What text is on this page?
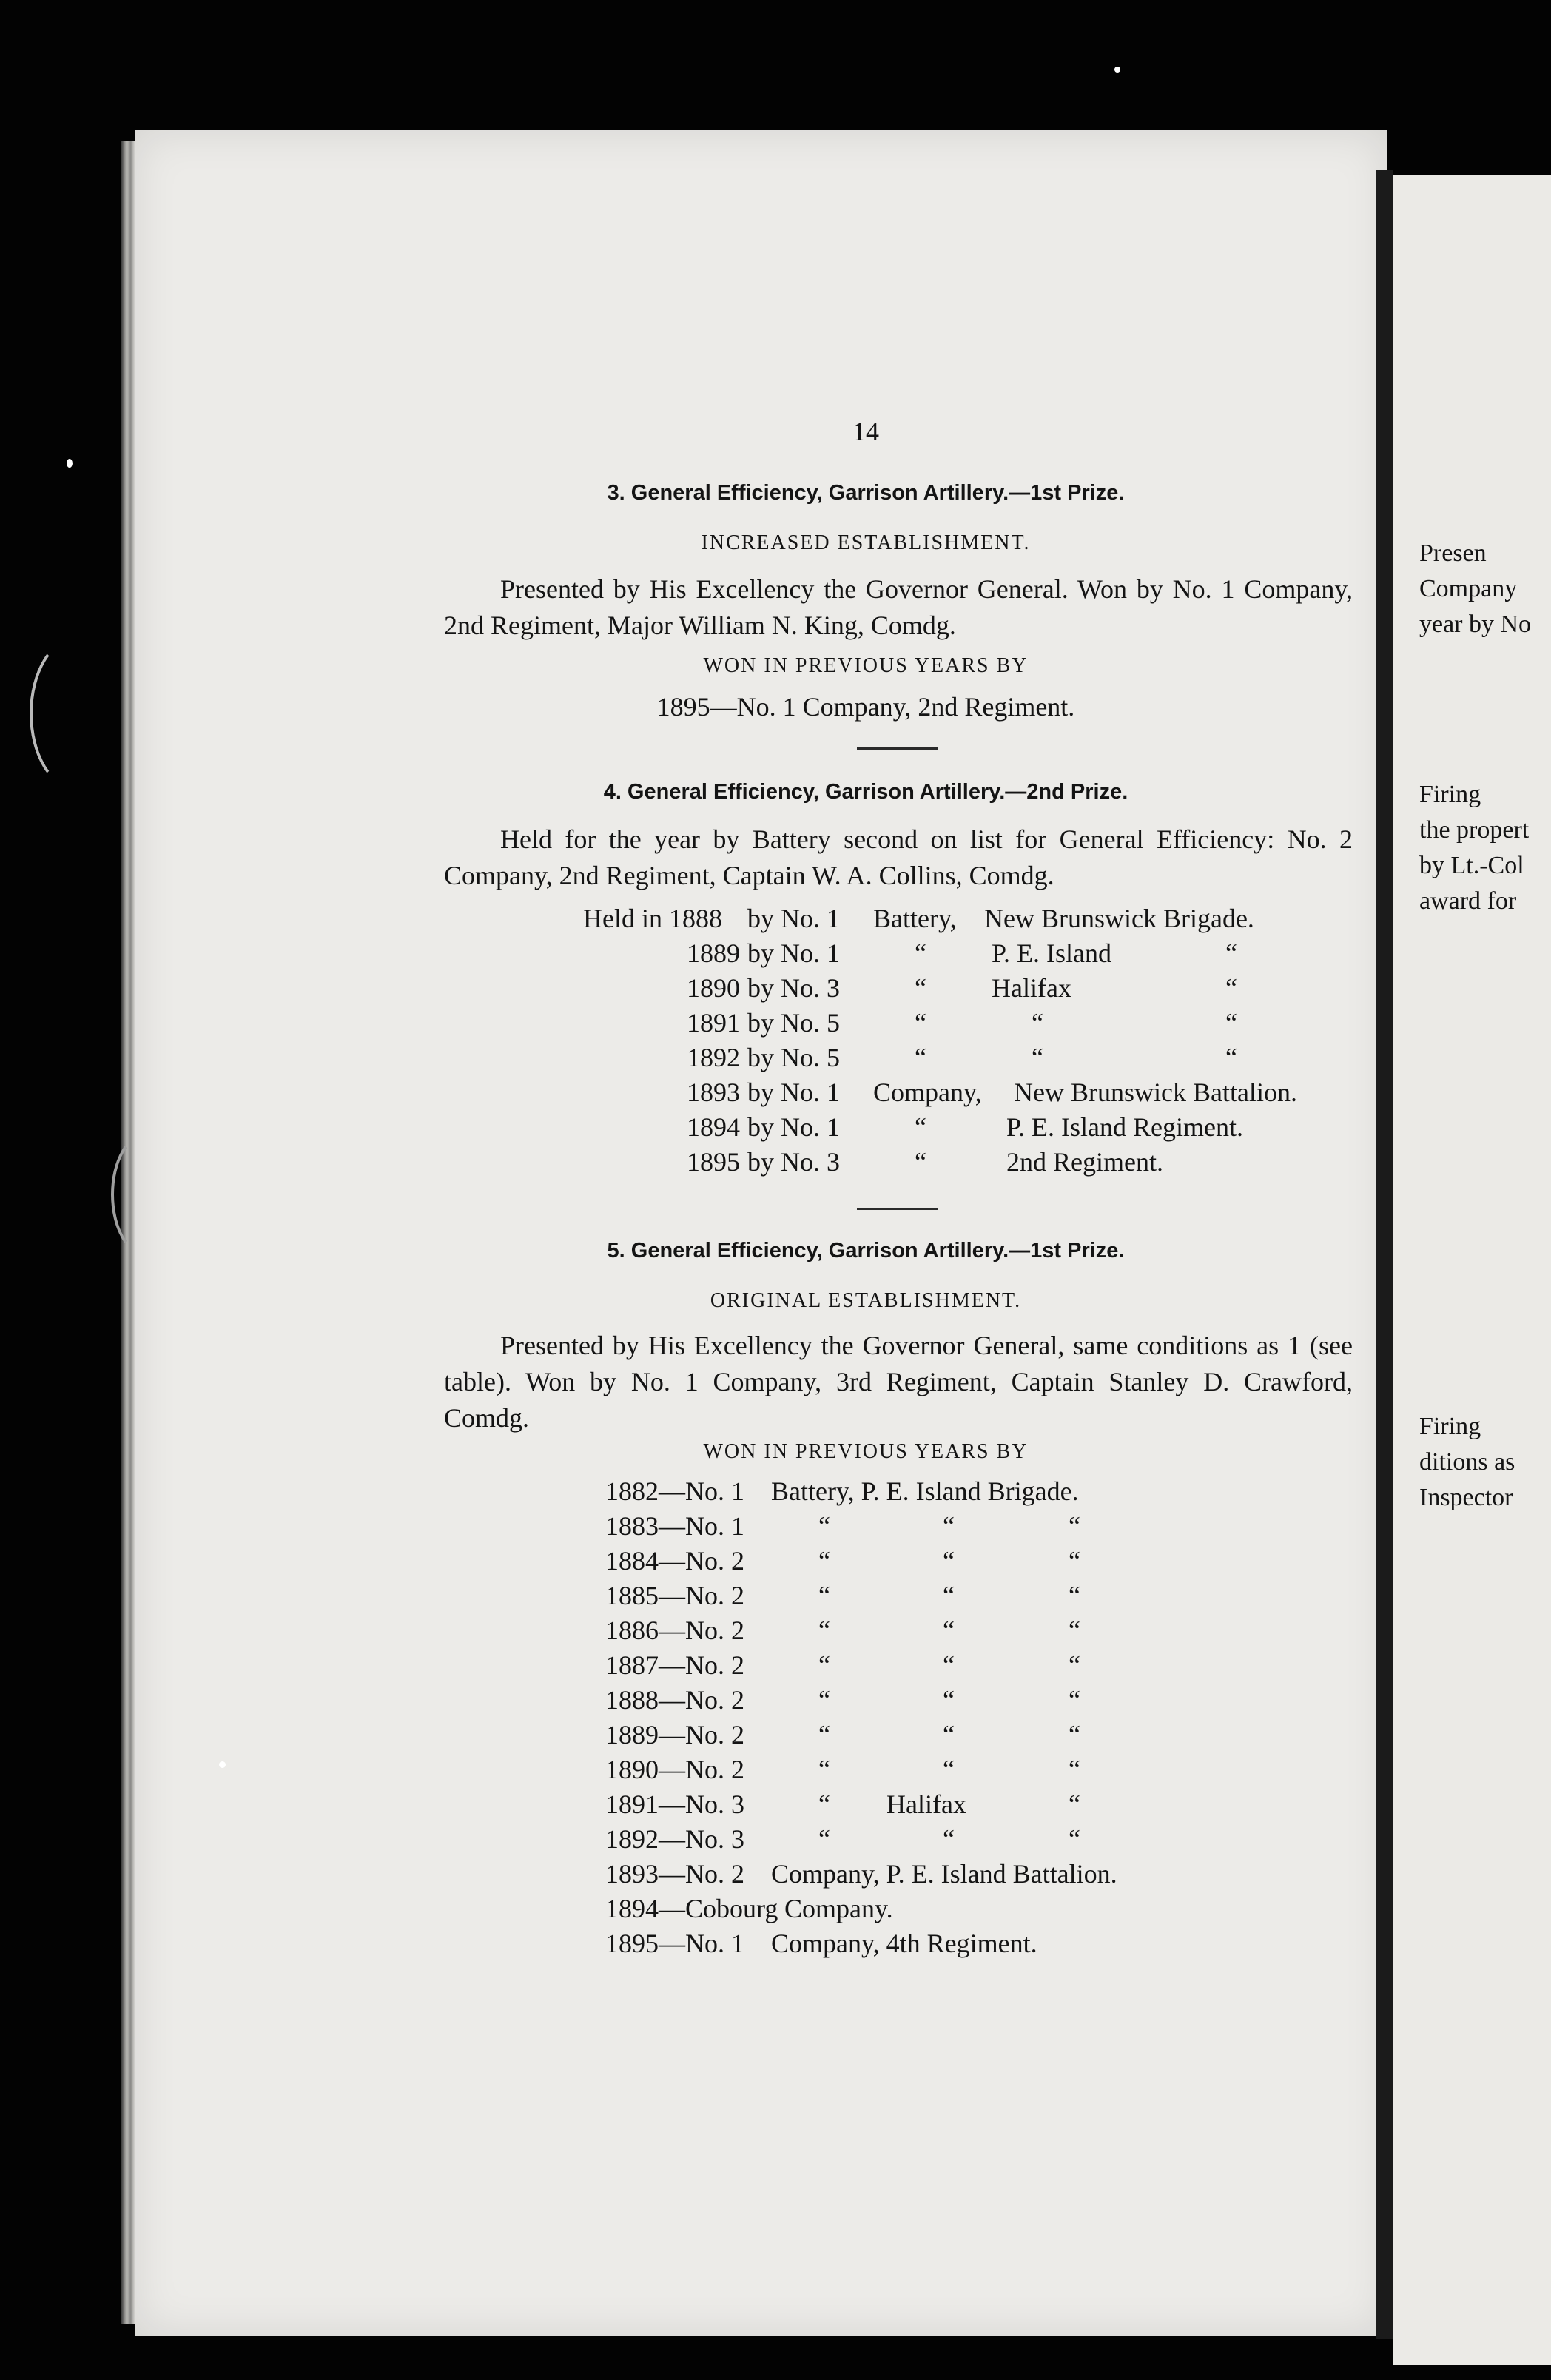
Presen
Company
year by No
Firing
the propert
by Lt.-Col
award for
Firing
ditions as
Inspector
14
3. General Efficiency, Garrison Artillery.—1st Prize.
INCREASED ESTABLISHMENT.
Presented by His Excellency the Governor General. Won by No. 1 Company, 2nd Regiment, Major William N. King, Comdg.
WON IN PREVIOUS YEARS BY
1895—No. 1 Company, 2nd Regiment.
4. General Efficiency, Garrison Artillery.—2nd Prize.
Held for the year by Battery second on list for General Efficiency: No. 2 Company, 2nd Regiment, Captain W. A. Collins, Comdg.
Held in 1888 by No. 1 Battery, New Brunswick Brigade.
1889 by No. 1	“ P. E. Island	“
1890 by No. 3	“ Halifax	“
1891 by No. 5	“	“	“
1892 by No. 5	“	“	“
1893 by No. 1 Company, New Brunswick Battalion.
1894 by No. 1	“	P. E. Island Regiment.
1895 by No. 3	“	2nd Regiment.
5. General Efficiency, Garrison Artillery.—1st Prize.
ORIGINAL ESTABLISHMENT.
Presented by His Excellency the Governor General, same conditions as 1 (see table). Won by No. 1 Company, 3rd Regiment, Captain Stanley D. Crawford, Comdg.
WON IN PREVIOUS YEARS BY
1882—No. 1 Battery, P. E. Island Brigade.
1883—No. 1	“	“	“
1884—No. 2	“	“	“
1885—No. 2	“	“	“
1886—No. 2	“	“	“
1887—No. 2	“	“	“
1888—No. 2	“	“	“
1889—No. 2	“	“	“
1890—No. 2	“	“	“
1891—No. 3	“ Halifax	“
1892—No. 3	“	“	“
1893—No. 2 Company, P. E. Island Battalion.
1894—Cobourg Company.
1895—No. 1 Company, 4th Regiment.
